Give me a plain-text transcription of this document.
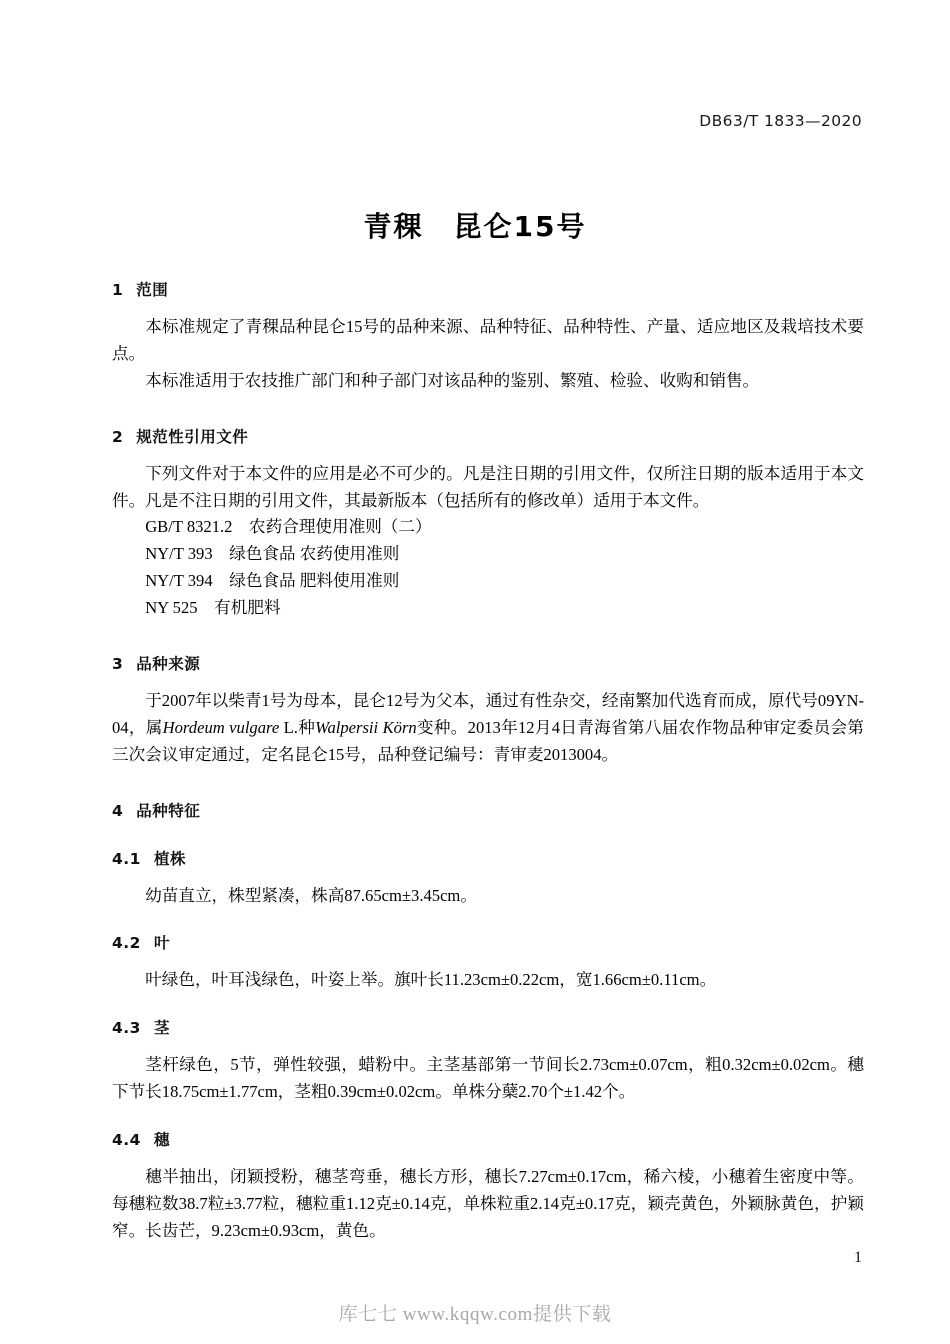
DB63/T 1833—2020
青稞　昆仑15号
1 范围

本标准规定了青稞品种昆仑15号的品种来源、品种特征、品种特性、产量、适应地区及栽培技术要点。

本标准适用于农技推广部门和种子部门对该品种的鉴别、繁殖、检验、收购和销售。

2 规范性引用文件

下列文件对于本文件的应用是必不可少的。凡是注日期的引用文件，仅所注日期的版本适用于本文件。凡是不注日期的引用文件，其最新版本（包括所有的修改单）适用于本文件。

GB/T 8321.2　农药合理使用准则（二）

NY/T 393　绿色食品 农药使用准则

NY/T 394　绿色食品 肥料使用准则

NY 525　有机肥料

3 品种来源

于2007年以柴青1号为母本，昆仑12号为父本，通过有性杂交，经南繁加代选育而成，原代号09YN-04，属Hordeum vulgare L.种Walpersii Körn变种。2013年12月4日青海省第八届农作物品种审定委员会第三次会议审定通过，定名昆仑15号，品种登记编号：青审麦2013004。

4 品种特征
4.1 植株

幼苗直立，株型紧凑，株高87.65cm±3.45cm。

4.2 叶

叶绿色，叶耳浅绿色，叶姿上举。旗叶长11.23cm±0.22cm，宽1.66cm±0.11cm。

4.3 茎

茎杆绿色，5节，弹性较强，蜡粉中。主茎基部第一节间长2.73cm±0.07cm，粗0.32cm±0.02cm。穗下节长18.75cm±1.77cm，茎粗0.39cm±0.02cm。单株分蘖2.70个±1.42个。

4.4 穗

穗半抽出，闭颖授粉，穗茎弯垂，穗长方形，穗长7.27cm±0.17cm，稀六棱，小穗着生密度中等。每穗粒数38.7粒±3.77粒，穗粒重1.12克±0.14克，单株粒重2.14克±0.17克，颖壳黄色，外颖脉黄色，护颖窄。长齿芒，9.23cm±0.93cm，黄色。

1
库七七 www.kqqw.com提供下载
